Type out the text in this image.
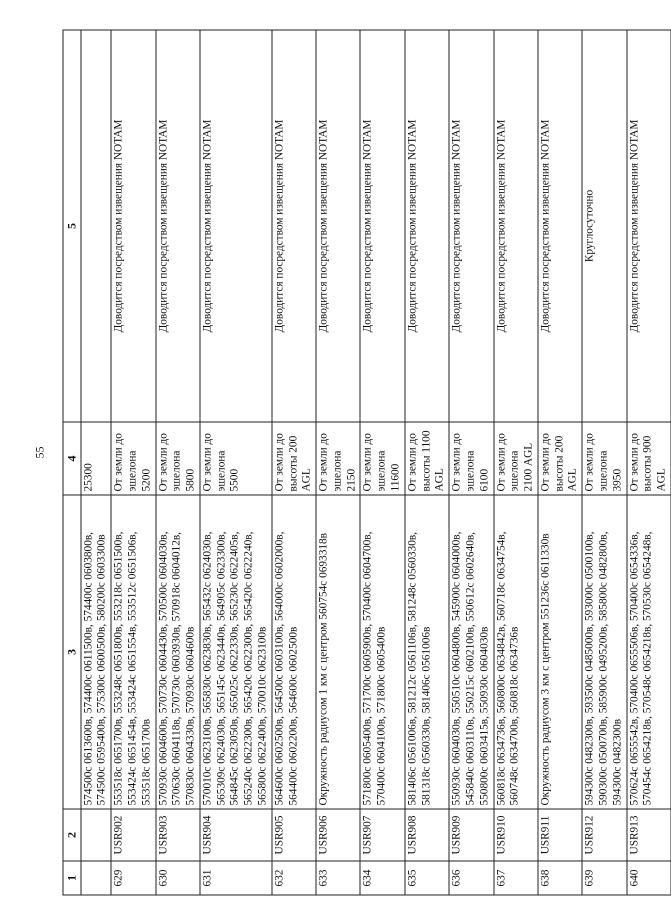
55
1	2	3	4	5
		574500с 0613600в, 574400с 0611500в, 574400с 0603800в, 574500с 0595400в, 575300с 0600500в, 580200с 0603300в	25300	
629	USR902	553518с 0651700в, 553248с 0651800в, 553218с 0651500в, 553424с 0651454в, 553424с 0651554в, 553512с 0651506в, 553518с 0651700в	От земли до эшелона 5200	Доводится посредством извещения NOTAM
630	USR903	570930с 0604600в, 570730с 0604430в, 570500с 0604030в, 570630с 0604118в, 570730с 0603930в, 570918с 0604012в, 570830с 0604330в, 570930с 0604600в	От земли до эшелона 5800	Доводится посредством извещения NOTAM
631	USR904	570010с 0623100в, 565830с 0623830в, 565432с 0624030в, 565309с 0624030в, 565145с 0623440в, 564905с 0623300в, 564845с 0623050в, 565025с 0622330в, 565230с 0622405в, 565240с 0622300в, 565420с 0622300в, 565420с 0622240в, 565800с 0622400в, 570010с 0623100в	От земли до эшелона 5500	Доводится посредством извещения NOTAM
632	USR905	564600с 0602500в, 564500с 0603100в, 564000с 0602000в, 564400с 0602200в, 564600с 0602500в	От земли до высоты 200 AGL	Доводится посредством извещения NOTAM
633	USR906	Окружность радиусом 1 км с центром 560754с 0693318в	От земли до эшелона 2150	Доводится посредством извещения NOTAM
634	USR907	571800с 0605400в, 571700с 0605900в, 570400с 0604700в, 570400с 0604100в, 571800с 0605400в	От земли до эшелона 11600	Доводится посредством извещения NOTAM
635	USR908	581406с 0561006в, 581212с 0561106в, 581248с 0560330в, 581318с 0560330в, 581406с 0561006в	От земли до высоты 1100 AGL	Доводится посредством извещения NOTAM
636	USR909	550930с 0604030в, 550510с 0604800в, 545900с 0604000в, 545840с 0603110в, 550215с 0602100в, 550612с 0602640в, 550800с 0603415в, 550930с 0604030в	От земли до эшелона 6100	Доводится посредством извещения NOTAM
637	USR910	560818с 0634736в, 560800с 0634842в, 560718с 0634754в, 560748с 0634700в, 560818с 0634736в	От земли до эшелона 2100 AGL	Доводится посредством извещения NOTAM
638	USR911	Окружность радиусом 3 км с центром 551236с 0611330в	От земли до высоты 200 AGL	Доводится посредством извещения NOTAM
639	USR912	594300с 0482300в, 593500с 0485000в, 593000с 0500100в, 590300с 0500700в, 585900с 0495200в, 585800с 0482800в, 594300с 0482300в	От земли до эшелона 3950	Круглосуточно
640	USR913	570624с 0655542в, 570400с 0655506в, 570400с 0654336в, 570454с 0654218в, 570548с 0654218в, 570530с 0654248в,	От земли до высоты 900 AGL	Доводится посредством извещения NOTAM
